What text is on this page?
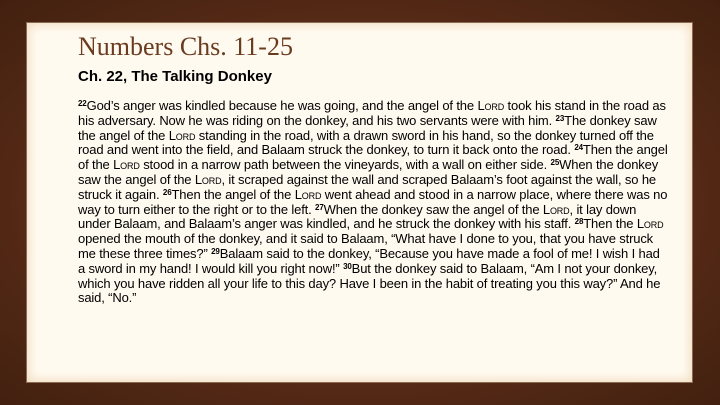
Numbers Chs. 11-25
Ch. 22, The Talking Donkey

$^{22}$God’s anger was kindled because he was going, and the angel of the Lord took his stand in the road as his adversary. Now he was riding on the donkey, and his two servants were with him. $^{23}$The donkey saw the angel of the Lord standing in the road, with a drawn sword in his hand, so the donkey turned off the road and went into the field, and Balaam struck the donkey, to turn it back onto the road. $^{24}$Then the angel of the Lord stood in a narrow path between the vineyards, with a wall on either side. $^{25}$When the donkey saw the angel of the Lord, it scraped against the wall and scraped Balaam’s foot against the wall, so he struck it again. $^{26}$Then the angel of the Lord went ahead and stood in a narrow place, where there was no way to turn either to the right or to the left. $^{27}$When the donkey saw the angel of the Lord, it lay down under Balaam, and Balaam’s anger was kindled, and he struck the donkey with his staff. $^{28}$Then the Lord opened the mouth of the donkey, and it said to Balaam, “What have I done to you, that you have struck me these three times?” $^{29}$Balaam said to the donkey, “Because you have made a fool of me! I wish I had a sword in my hand! I would kill you right now!” $^{30}$But the donkey said to Balaam, “Am I not your donkey, which you have ridden all your life to this day? Have I been in the habit of treating you this way?” And he said, “No.”
